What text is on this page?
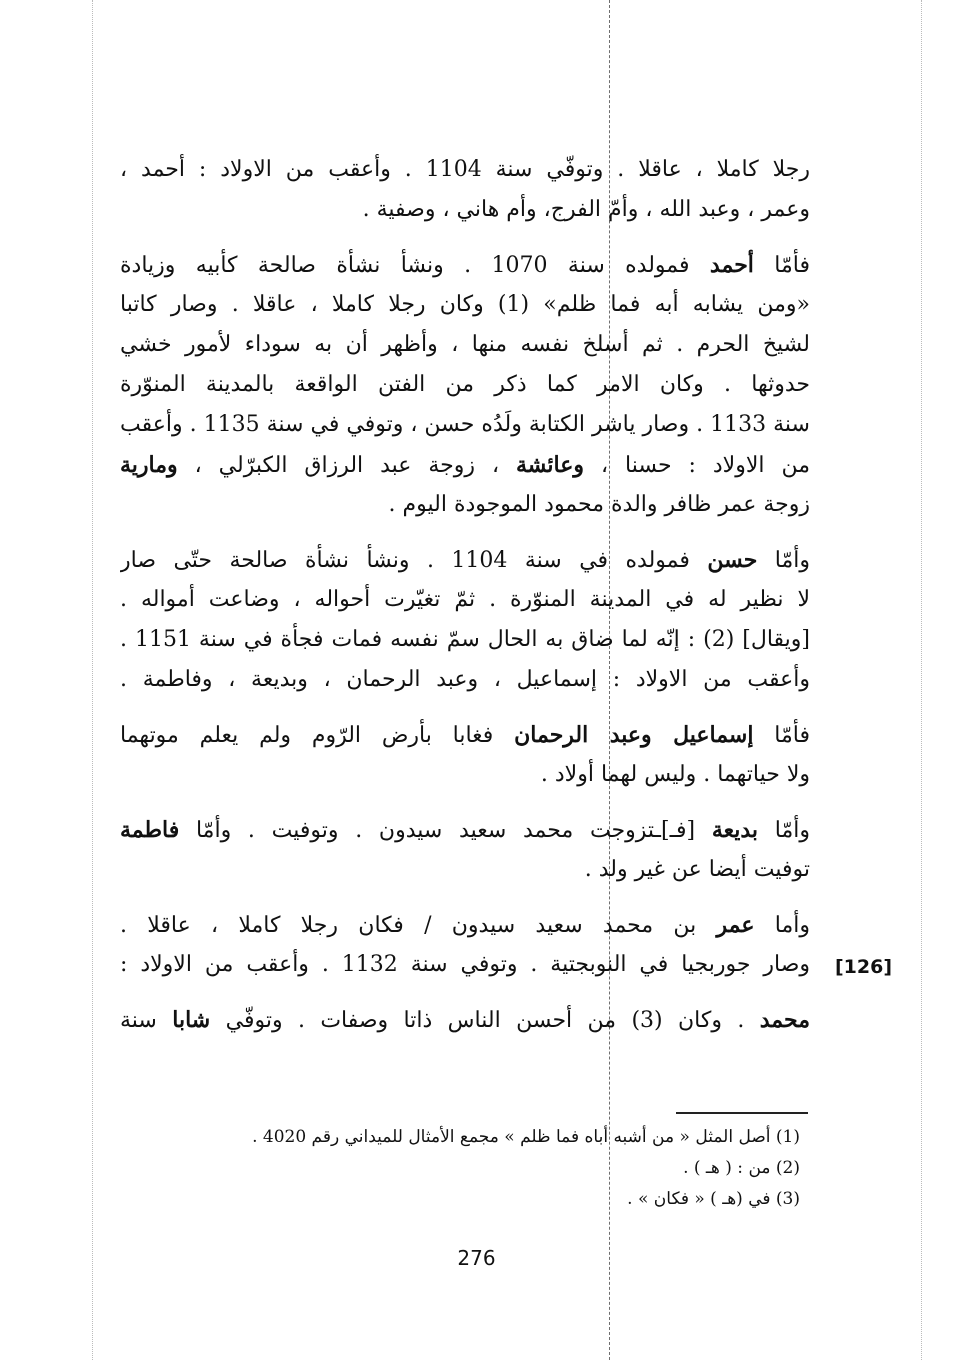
رجلا كاملا ، عاقلا . وتوفّي سنة 1104 . وأعقب من الاولاد : أحمد ،
وعمر ، وعبد الله ، وأمّ الفرج، وأم هاني ، وصفية .
فأمّا أحمد فمولده سنة 1070 . ونشأ نشأة صالحة كأبيه وزيادة
«ومن يشابه أبه فما ظلم» (1) وكان رجلا كاملا ، عاقلا . وصار كاتبا
لشيخ الحرم . ثم أسلخ نفسه منها ، وأظهر أن به سوداء لأمور خشي
حدوثها . وكان الامر كما ذكر من الفتن الواقعة بالمدينة المنوّرة
سنة 1133 . وصار ياشر الكتابة ولَدُه حسن ، وتوفي في سنة 1135 . وأعقب
من الاولاد : حسنا ، وعائشة ، زوجة عبد الرزاق الكبرّلي ، ومارية
زوجة عمر ظافر والدة محمود الموجودة اليوم .
وأمّا حسن فمولده في سنة 1104 . ونشأ نشأة صالحة حتّى صار
لا نظير له في المدينة المنوّرة . ثمّ تغيّرت أحواله ، وضاعت أمواله .
[ويقال] (2) : إنّه لما ضاق به الحال سمّ نفسه فمات فجأة في سنة 1151 .
وأعقب من الاولاد : إسماعيل ، وعبد الرحمان ، وبديعة ، وفاطمة .
فأمّا إسماعيل وعبد الرحمان فغابا بأرض الرّوم ولم يعلم موتهما
ولا حياتهما . وليس لهما أولاد .
وأمّا بديعة [فـ]ـتزوجت محمد سعيد سيدون . وتوفيت . وأمّا فاطمة
توفيت أيضا عن غير ولد .
وأما عمر بن محمد سعيد سيدون / فكان رجلا كاملا ، عاقلا .
وصار جوربجيا في النوبجتية . وتوفي سنة 1132 . وأعقب من الاولاد :
محمد . وكان (3) من أحسن الناس ذاتا وصفات . وتوفّي شابا سنة
[126]
(1) أصل المثل « من أشبه أباه فما ظلم » مجمع الأمثال للميداني رقم 4020 .
(2) من : ( هـ ) .
(3) في (هـ ) « فكان » .
276
